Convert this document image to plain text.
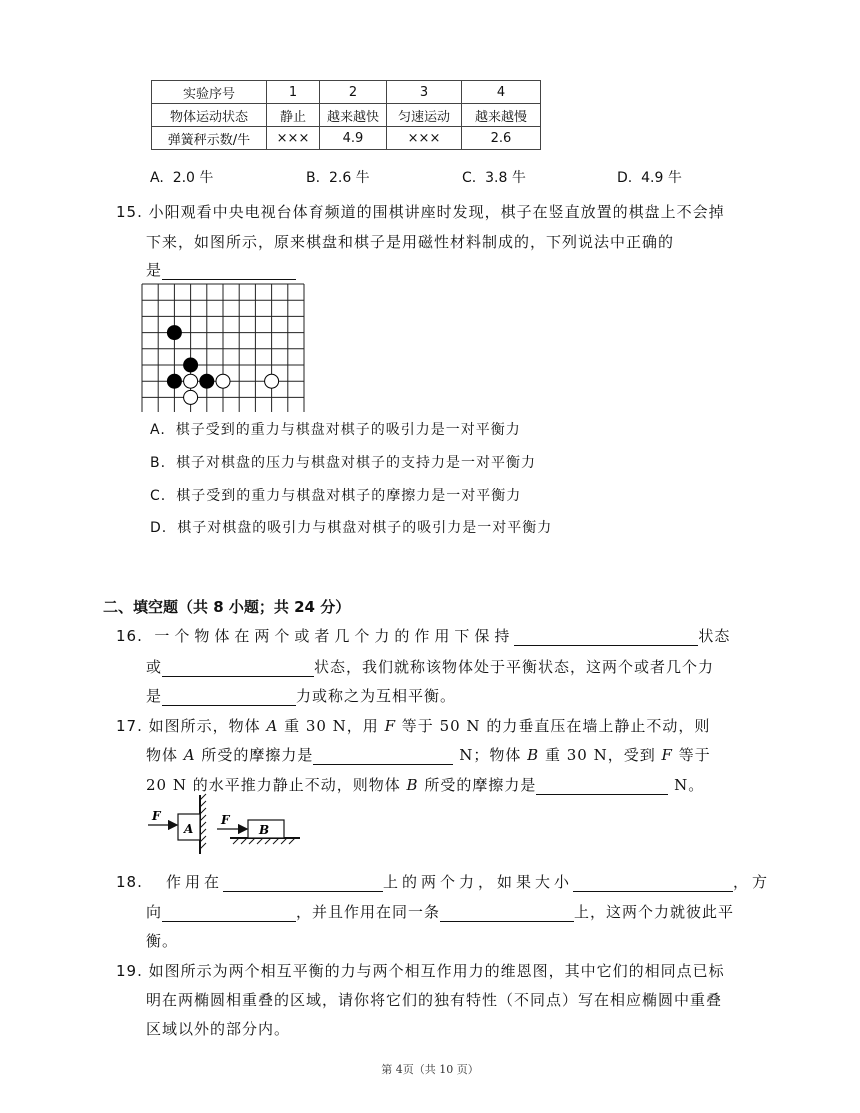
实验序号	1	2	3	4
物体运动状态	静止	越来越快	匀速运动	越来越慢
弹簧秤示数/牛	×××	4.9	×××	2.6
A. 2.0 牛	B. 2.6 牛	C. 3.8 牛	D. 4.9 牛
15. 小阳观看中央电视台体育频道的围棋讲座时发现，棋子在竖直放置的棋盘上不会掉
下来，如图所示，原来棋盘和棋子是用磁性材料制成的，下列说法中正确的
是
A. 棋子受到的重力与棋盘对棋子的吸引力是一对平衡力
B. 棋子对棋盘的压力与棋盘对棋子的支持力是一对平衡力
C. 棋子受到的重力与棋盘对棋子的摩擦力是一对平衡力
D. 棋子对棋盘的吸引力与棋盘对棋子的吸引力是一对平衡力
二、填空题（共 8 小题；共 24 分）
16. 一个物体在两个或者几个力的作用下保持	状态
或	状态，我们就称该物体处于平衡状态，这两个或者几个力
是	力或称之为互相平衡。
17. 如图所示，物体 A 重 30 N，用 F 等于 50 N 的力垂直压在墙上静止不动，则
物体 A 所受的摩擦力是	N；物体 B 重 30 N，受到 F 等于
20 N 的水平推力静止不动，则物体 B 所受的摩擦力是	N。
A
F
B
F
18. 作用在	上的两个力，如果大小	，方
向	，并且作用在同一条	上，这两个力就彼此平
衡。
19. 如图所示为两个相互平衡的力与两个相互作用力的维恩图，其中它们的相同点已标
明在两椭圆相重叠的区域，请你将它们的独有特性（不同点）写在相应椭圆中重叠
区域以外的部分内。
第 4页（共 10 页）
